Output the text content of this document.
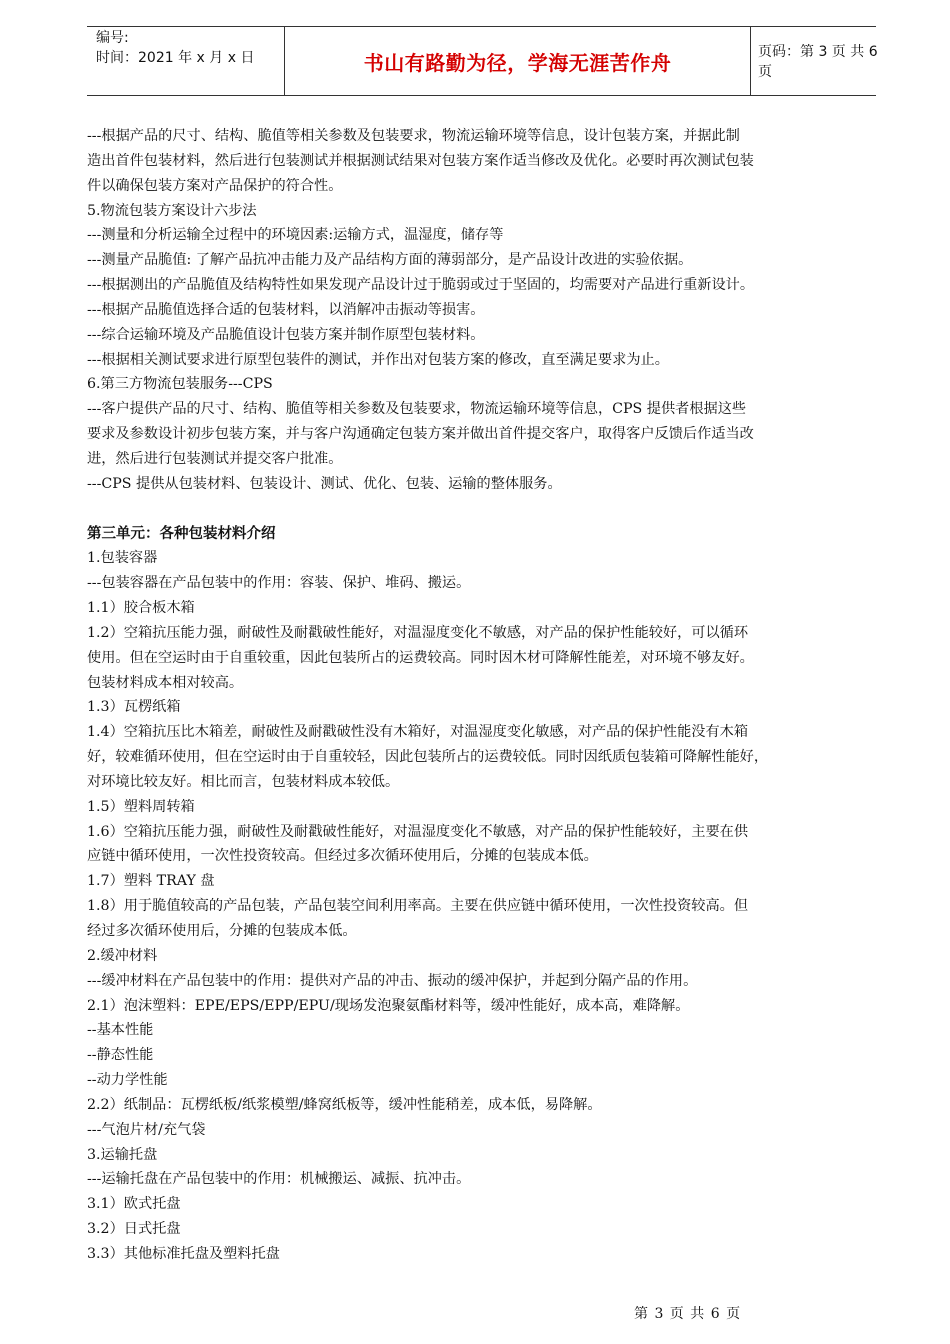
编号:
时间：2021 年 x 月 x 日	书山有路勤为径，学海无涯苦作舟	页码：第 3 页 共 6 页
---根据产品的尺寸、结构、脆值等相关参数及包装要求，物流运输环境等信息，设计包装方案，并据此制
造出首件包装材料，然后进行包装测试并根据测试结果对包装方案作适当修改及优化。必要时再次测试包装
件以确保包装方案对产品保护的符合性。
5.物流包装方案设计六步法
---测量和分析运输全过程中的环境因素:运输方式，温湿度，储存等
---测量产品脆值: 了解产品抗冲击能力及产品结构方面的薄弱部分，是产品设计改进的实验依据。
---根据测出的产品脆值及结构特性如果发现产品设计过于脆弱或过于坚固的，均需要对产品进行重新设计。
---根据产品脆值选择合适的包装材料，以消解冲击振动等损害。
---综合运输环境及产品脆值设计包装方案并制作原型包装材料。
---根据相关测试要求进行原型包装件的测试，并作出对包装方案的修改，直至满足要求为止。
6.第三方物流包装服务---CPS
---客户提供产品的尺寸、结构、脆值等相关参数及包装要求，物流运输环境等信息，CPS 提供者根据这些
要求及参数设计初步包装方案，并与客户沟通确定包装方案并做出首件提交客户，取得客户反馈后作适当改
进，然后进行包装测试并提交客户批准。
---CPS 提供从包装材料、包装设计、测试、优化、包装、运输的整体服务。
第三单元：各种包装材料介绍
1.包装容器
---包装容器在产品包装中的作用：容装、保护、堆码、搬运。
1.1）胶合板木箱
1.2）空箱抗压能力强，耐破性及耐戳破性能好，对温湿度变化不敏感，对产品的保护性能较好，可以循环
使用。但在空运时由于自重较重，因此包装所占的运费较高。同时因木材可降解性能差，对环境不够友好。
包装材料成本相对较高。
1.3）瓦楞纸箱
1.4）空箱抗压比木箱差，耐破性及耐戳破性没有木箱好，对温湿度变化敏感，对产品的保护性能没有木箱
好，较难循环使用，但在空运时由于自重较轻，因此包装所占的运费较低。同时因纸质包装箱可降解性能好，
对环境比较友好。相比而言，包装材料成本较低。
1.5）塑料周转箱
1.6）空箱抗压能力强，耐破性及耐戳破性能好，对温湿度变化不敏感，对产品的保护性能较好，主要在供
应链中循环使用，一次性投资较高。但经过多次循环使用后，分摊的包装成本低。
1.7）塑料 TRAY 盘
1.8）用于脆值较高的产品包装，产品包装空间利用率高。主要在供应链中循环使用，一次性投资较高。但
经过多次循环使用后，分摊的包装成本低。
2.缓冲材料
---缓冲材料在产品包装中的作用：提供对产品的冲击、振动的缓冲保护，并起到分隔产品的作用。
2.1）泡沫塑料：EPE/EPS/EPP/EPU/现场发泡聚氨酯材料等，缓冲性能好，成本高，难降解。
--基本性能
--静态性能
--动力学性能
2.2）纸制品：瓦楞纸板/纸浆模塑/蜂窝纸板等，缓冲性能稍差，成本低，易降解。
---气泡片材/充气袋
3.运输托盘
---运输托盘在产品包装中的作用：机械搬运、减振、抗冲击。
3.1）欧式托盘
3.2）日式托盘
3.3）其他标准托盘及塑料托盘
第 3 页 共 6 页
